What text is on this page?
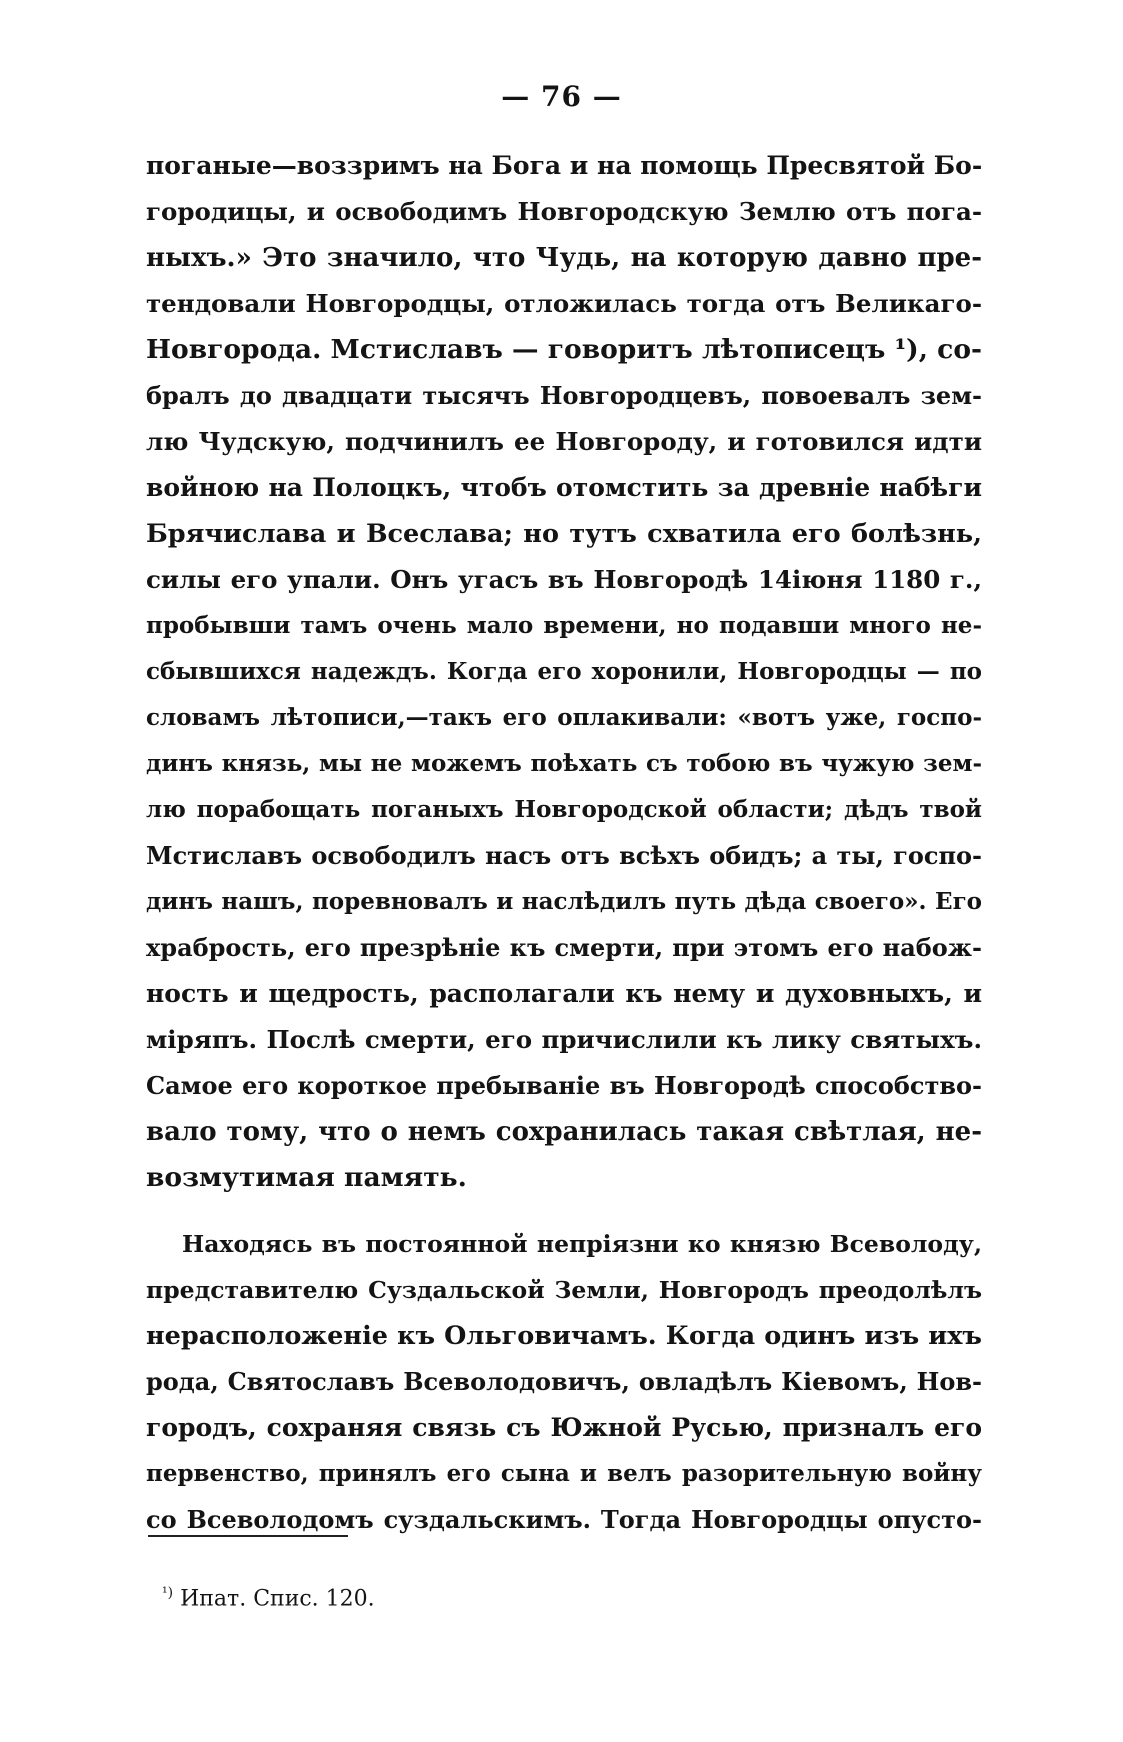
— 76 —
поганые—воззримъ на Бога и на помощь Пресвятой Бо-
городицы, и освободимъ Новгородскую Землю отъ пога-
ныхъ.» Это значило, что Чудь, на которую давно пре-
тендовали Новгородцы, отложилась тогда отъ Великаго-
Новгорода. Мстиславъ — говоритъ лѣтописецъ ¹), со-
бралъ до двадцати тысячъ Новгородцевъ, повоевалъ зем-
лю Чудскую, подчинилъ ее Новгороду, и готовился идти
войною на Полоцкъ, чтобъ отомстить за древніе набѣги
Брячислава и Всеслава; но тутъ схватила его болѣзнь,
силы его упали. Онъ угасъ въ Новгородѣ 14іюня 1180 г.,
пробывши тамъ очень мало времени, но подавши много не-
сбывшихся надеждъ. Когда его хоронили, Новгородцы — по
словамъ лѣтописи,—такъ его оплакивали: «вотъ уже, госпо-
динъ князь, мы не можемъ поѣхать съ тобою въ чужую зем-
лю порабощать поганыхъ Новгородской области; дѣдъ твой
Мстиславъ освободилъ насъ отъ всѣхъ обидъ; а ты, госпо-
динъ нашъ, поревновалъ и наслѣдилъ путь дѣда своего». Его
храбрость, его презрѣніе къ смерти, при этомъ его набож-
ность и щедрость, располагали къ нему и духовныхъ, и
міряпъ. Послѣ смерти, его причислили къ лику святыхъ.
Самое его короткое пребываніе въ Новгородѣ способство-
вало тому, что о немъ сохранилась такая свѣтлая, не-
возмутимая память.
Находясь въ постоянной непріязни ко князю Всеволоду,
представителю Суздальской Земли, Новгородъ преодолѣлъ
нерасположеніе къ Ольговичамъ. Когда одинъ изъ ихъ
рода, Святославъ Всеволодовичъ, овладѣлъ Кіевомъ, Нов-
городъ, сохраняя связь съ Южной Русью, призналъ его
первенство, принялъ его сына и велъ разорительную войну
со Всеволодомъ суздальскимъ. Тогда Новгородцы опусто-
$^{^1)}$ Ипат. Спис. 120.
